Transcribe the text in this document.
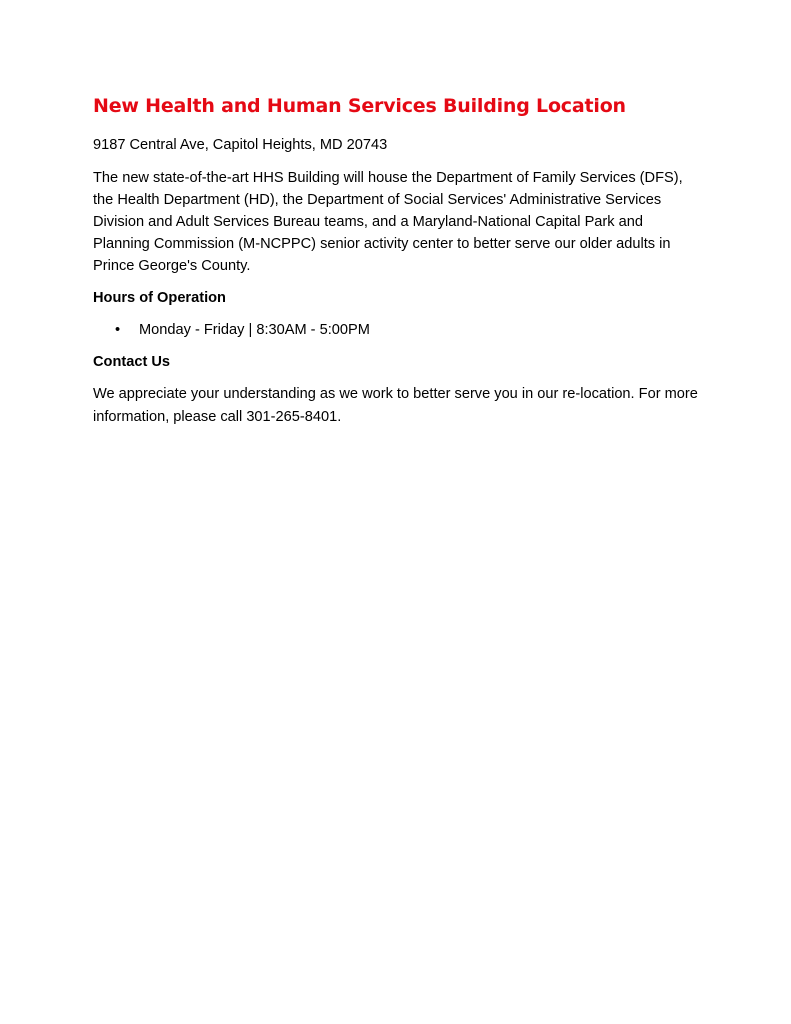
New Health and Human Services Building Location

9187 Central Ave, Capitol Heights, MD 20743

The new state-of-the-art HHS Building will house the Department of Family Services (DFS), the Health Department (HD), the Department of Social Services' Administrative Services Division and Adult Services Bureau teams, and a Maryland-National Capital Park and Planning Commission (M-NCPPC) senior activity center to better serve our older adults in Prince George's County.

Hours of Operation
• Monday - Friday | 8:30AM - 5:00PM
Contact Us

We appreciate your understanding as we work to better serve you in our re-location. For more information, please call 301-265-8401.
